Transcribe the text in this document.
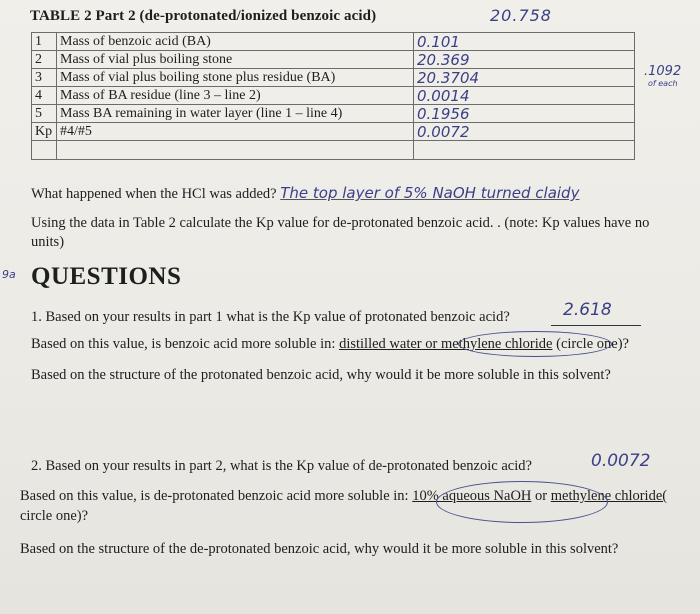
TABLE 2 Part 2 (de-protonated/ionized benzoic acid)	20.758
1	Mass of benzoic acid (BA)	0.101
2	Mass of vial plus boiling stone	20.369
3	Mass of vial plus boiling stone plus residue (BA)	20.3704
4	Mass of BA residue (line 3 – line 2)	0.0014
5	Mass BA remaining in water layer (line 1 – line 4)	0.1956
Kp	#4/#5	0.0072

.1092
of each
What happened when the HCl was added? The top layer of 5% NaOH turned claidy
Using the data in Table 2 calculate the Kp value for de-protonated benzoic acid. . (note: Kp values have no units)
9a QUESTIONS
1. Based on your results in part 1 what is the Kp value of protonated benzoic acid?	2.618
Based on this value, is benzoic acid more soluble in: distilled water or methylene chloride (circle one)?
Based on the structure of the protonated benzoic acid, why would it be more soluble in this solvent?
2. Based on your results in part 2, what is the Kp value of de-protonated benzoic acid?	0.0072
Based on this value, is de-protonated benzoic acid more soluble in: 10% aqueous NaOH or methylene chloride( circle one)?
Based on the structure of the de-protonated benzoic acid, why would it be more soluble in this solvent?
